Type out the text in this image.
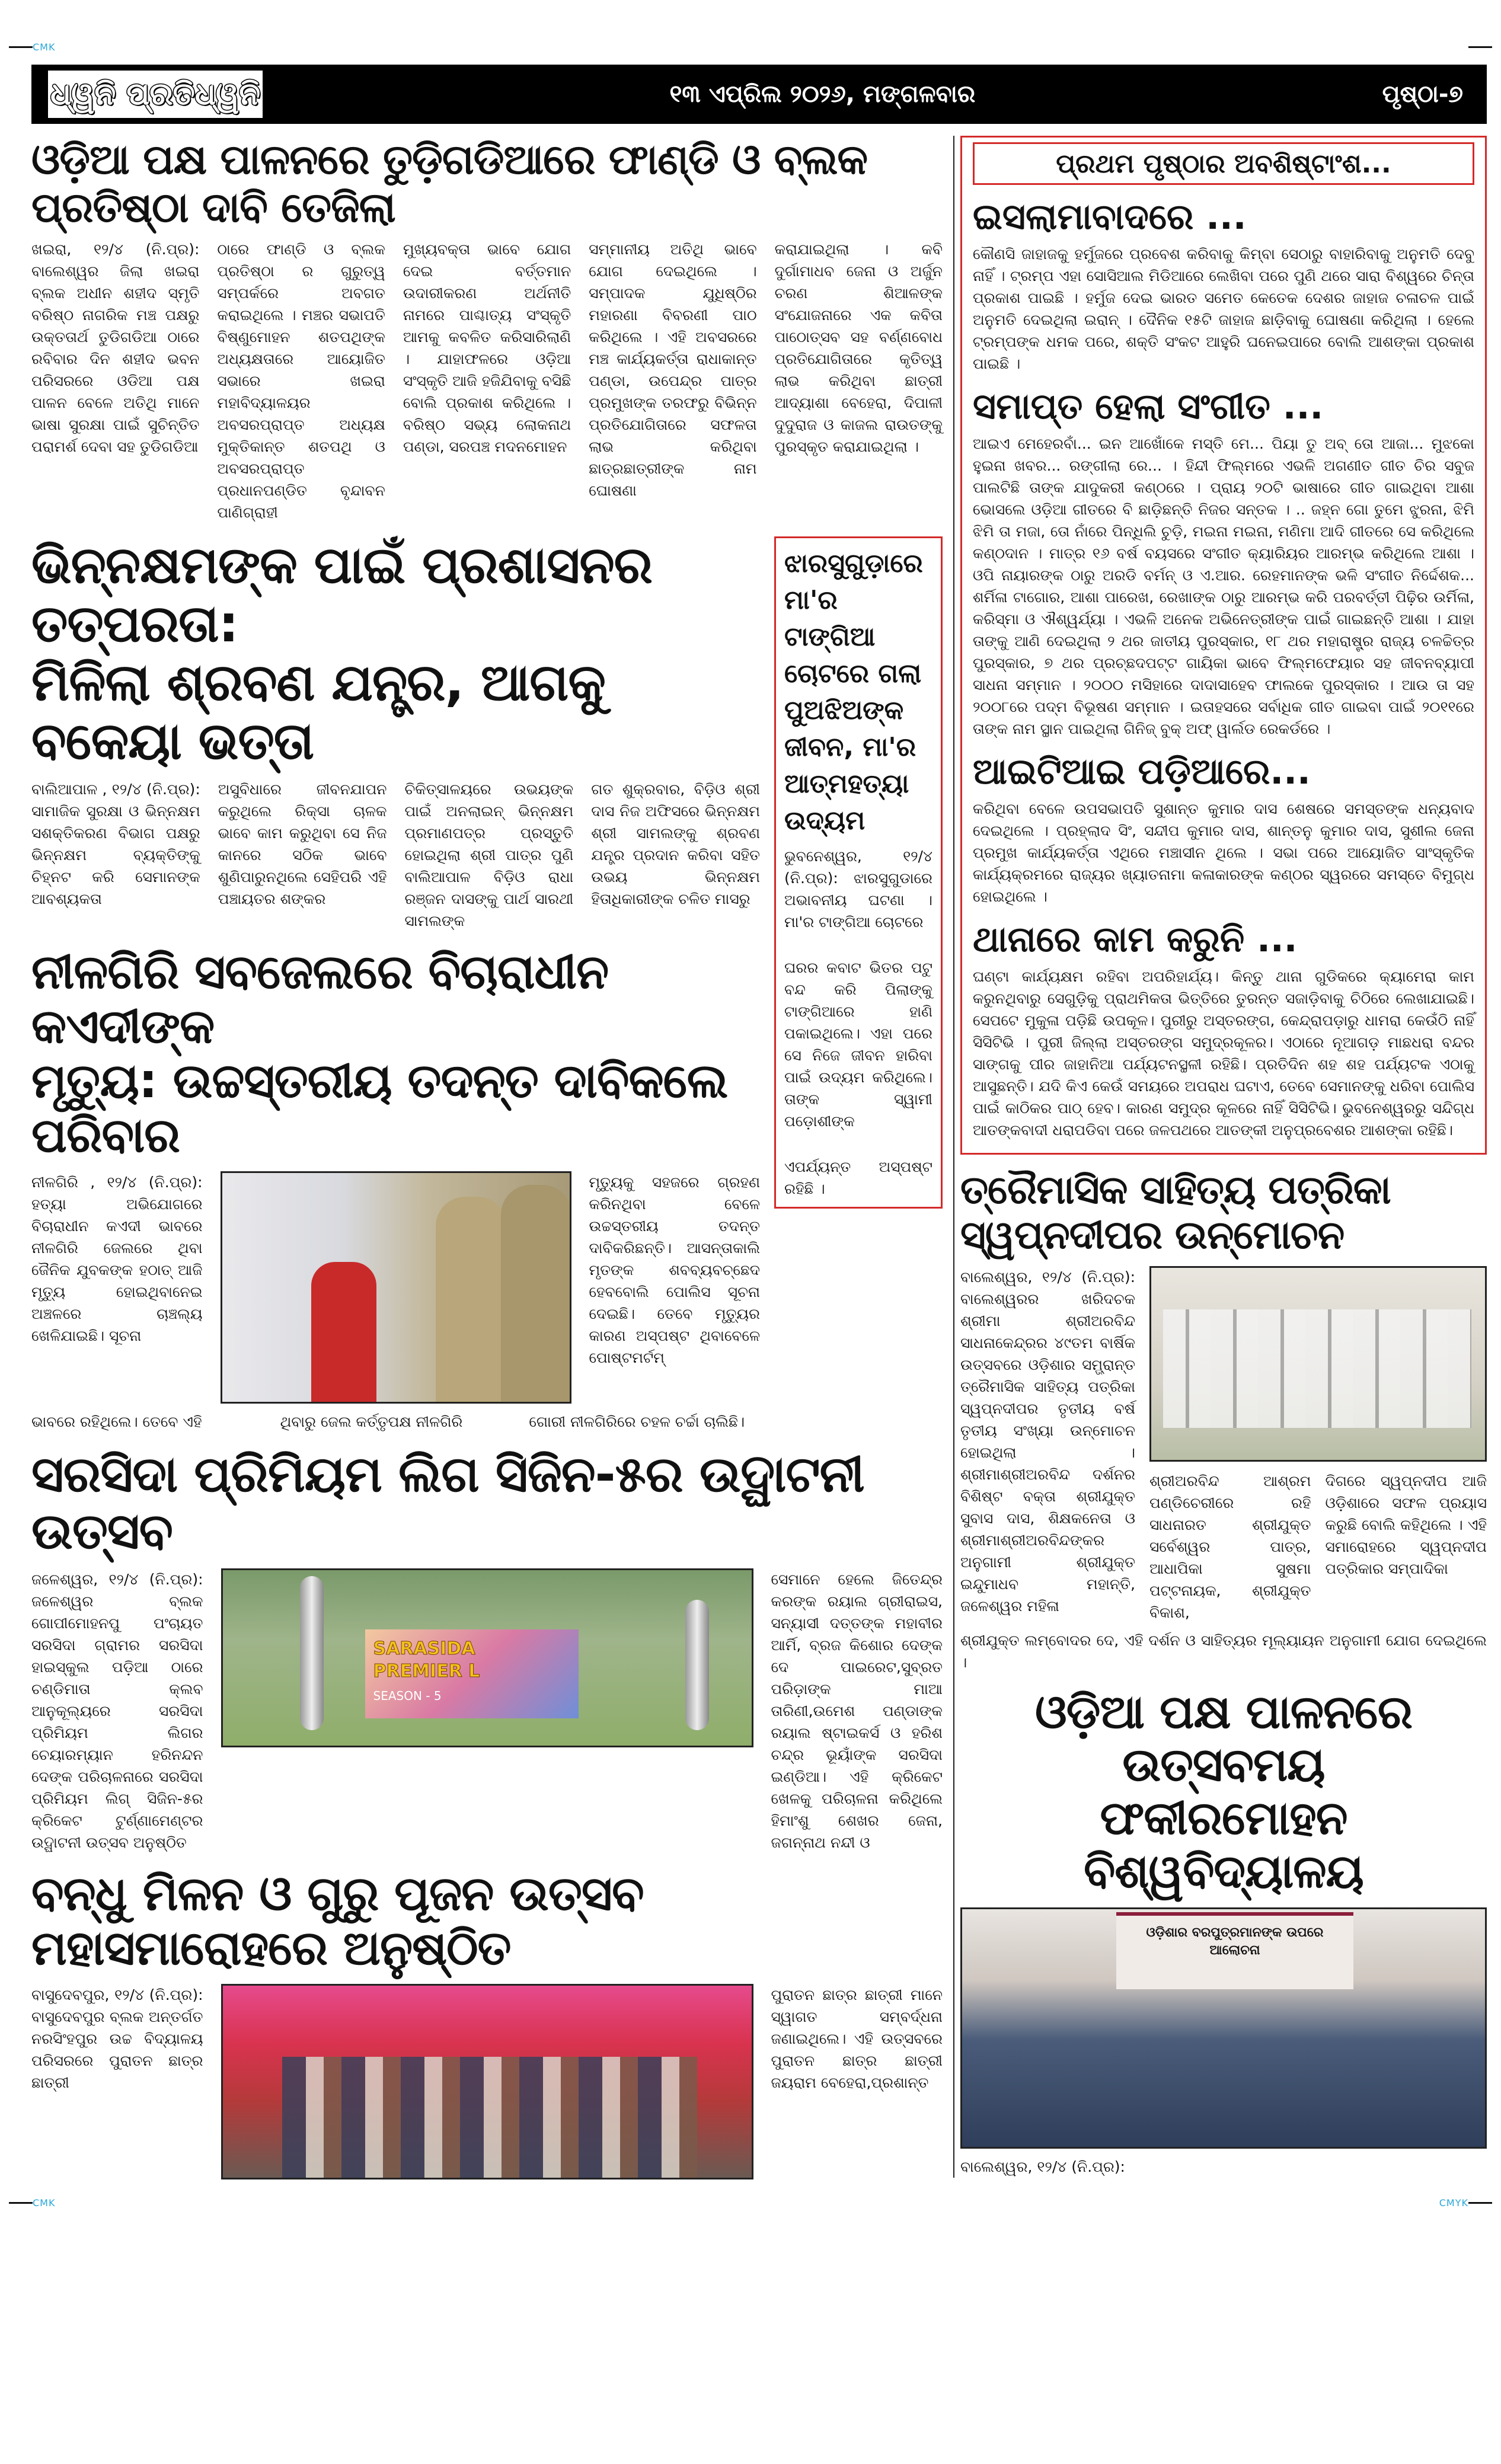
CMK
ଧ୍ୱନି ପ୍ରତିଧ୍ୱନି	୧୩ ଏପ୍ରିଲ ୨୦୨୬, ମଙ୍ଗଳବାର	ପୃଷ୍ଠା-୭
ଓଡ଼ିଆ ପକ୍ଷ ପାଳନରେ ତୁଡ଼ିଗଡିଆରେ ଫାଣ୍ଡି ଓ ବ୍ଲକ ପ୍ରତିଷ୍ଠା ଦାବି ତେଜିଲା
ଖଇରା, ୧୨/୪ (ନି.ପ୍ର): ବାଲେଶ୍ୱର ଜିଲା ଖଇରା ବ୍ଲକ ଅଧୀନ ଶହୀଦ ସ୍ମୃତି ବରିଷ୍ଠ ନାଗରିକ ମଞ୍ଚ ପକ୍ଷରୁ ଉକ୍ତତାର୍ଥ ତୁଡିଗଡିଆ ଠାରେ ରବିବାର ଦିନ ଶହୀଦ ଭବନ ପରିସରରେ ଓଡିଆ ପକ୍ଷ ପାଳନ ବେଳେ ଅତିଥି ମାନେ ଭାଷା ସୁରକ୍ଷା ପାଇଁ ସୁଚିନ୍ତିତ ପରାମର୍ଶ ଦେବା ସହ ତୁଡିଗଡିଆ
ଠାରେ ଫାଣ୍ଡି ଓ ବ୍ଲକ ପ୍ରତିଷ୍ଠା ର ଗୁରୁତ୍ୱ ସମ୍ପର୍କରେ ଅବଗତ କରାଇଥିଲେ । ମଞ୍ଚର ସଭାପତି ବିଷ୍ଣୁମୋହନ ଶତପଥିଙ୍କ ଅଧ୍ୟକ୍ଷତାରେ ଆୟୋଜିତ ସଭାରେ ଖଇରା ମହାବିଦ୍ୟାଳୟର ଅବସରପ୍ରାପ୍ତ ଅଧ୍ୟକ୍ଷ ମୁକ୍ତିକାନ୍ତ ଶତପଥି ଓ ଅବସରପ୍ରାପ୍ତ ପ୍ରଧାନପଣ୍ଡିତ ବୃନ୍ଦାବନ ପାଣିଗ୍ରାହୀ
ମୁଖ୍ୟବକ୍ତା ଭାବେ ଯୋଗ ଦେଇ ବର୍ତ୍ତମାନ ଉଦାରୀକରଣ ଅର୍ଥନୀତି ନାମରେ ପାଶ୍ଚାତ୍ୟ ସଂସ୍କୃତି ଆମକୁ କବଳିତ କରିସାରିଲାଣି । ଯାହାଫଳରେ ଓଡ଼ିଆ ସଂସ୍କୃତି ଆଜି ହଜିଯିବାକୁ ବସିଛି ବୋଲି ପ୍ରକାଶ କରିଥିଲେ । ବରିଷ୍ଠ ସଭ୍ୟ ଲୋକନାଥ ପଣ୍ଡା, ସରପଞ୍ଚ ମଦନମୋହନ
ସମ୍ମାନୀୟ ଅତିଥି ଭାବେ ଯୋଗ ଦେଇଥିଲେ । ସମ୍ପାଦକ ଯୁଧିଷ୍ଠିର ମହାରଣା ବିବରଣୀ ପାଠ କରିଥିଲେ । ଏହି ଅବସରରେ ମଞ୍ଚ କାର୍ଯ୍ୟକର୍ତ୍ତା ରାଧାକାନ୍ତ ପଣ୍ଡା, ଉପେନ୍ଦ୍ର ପାତ୍ର ପ୍ରମୁଖଙ୍କ ତରଫରୁ ବିଭିନ୍ନ ପ୍ରତିଯୋଗିତାରେ ସଫଳତା ଲାଭ କରିଥିବା ଛାତ୍ରଛାତ୍ରୀଙ୍କ ନାମ ଘୋଷଣା
କରାଯାଇଥିଲା । କବି ଦୁର୍ଗାମାଧବ ଜେନା ଓ ଅର୍ଜୁନ ଚରଣ ଶିଆଳଙ୍କ ସଂଯୋଜନାରେ ଏକ କବିତା ପାଠୋତ୍ସବ ସହ ବର୍ଣ୍ଣବୋଧ ପ୍ରତିଯୋଗିତାରେ କୃତିତ୍ୱ ଲାଭ କରିଥିବା ଛାତ୍ରୀ ଆଦ୍ୟାଶା ବେହେରା, ଦିପାଳୀ ଦୁଦୁରାଜ ଓ କାଜଲ ରାଉତଙ୍କୁ ପୁରସ୍କୃତ କରାଯାଇଥିଲା ।
ଭିନ୍ନକ୍ଷମଙ୍କ ପାଇଁ ପ୍ରଶାସନର ତତ୍ପରତା:
ମିଳିଲା ଶ୍ରବଣ ଯନ୍ତ୍ର, ଆଗକୁ ବକେୟା ଭତ୍ତା
ବାଲିଆପାଳ , ୧୨/୪ (ନି.ପ୍ର): ସାମାଜିକ ସୁରକ୍ଷା ଓ ଭିନ୍ନକ୍ଷମ ସଶକ୍ତିକରଣ ବିଭାଗ ପକ୍ଷରୁ ଭିନ୍ନକ୍ଷମ ବ୍ୟକ୍ତିଙ୍କୁ ଚିହ୍ନଟ କରି ସେମାନଙ୍କ ଆବଶ୍ୟକତା
ଅସୁବିଧାରେ ଜୀବନଯାପନ କରୁଥିଲେ ରିକ୍ସା ଚାଳକ ଭାବେ କାମ କରୁଥିବା ସେ ନିଜ କାନରେ ସଠିକ ଭାବେ ଶୁଣିପାରୁନଥିଲେ ସେହିପରି ଏହି ପଞ୍ଚାୟତର ଶଙ୍କର
ଚିକିତ୍ସାଳୟରେ ଉଭୟଙ୍କ ପାଇଁ ଅନଲାଇନ୍ ଭିନ୍ନକ୍ଷମ ପ୍ରମାଣପତ୍ର ପ୍ରସ୍ତୁତି ହୋଇଥିଲା ଶ୍ରୀ ପାତ୍ର ପୁଣି ବାଲିଆପାଳ ବିଡ଼ିଓ ରାଧା ରଞ୍ଜନ ଦାସଙ୍କୁ ପାର୍ଥ ସାରଥୀ ସାମଲଙ୍କ
ଗତ ଶୁକ୍ରବାର, ବିଡ଼ିଓ ଶ୍ରୀ ଦାସ ନିଜ ଅଫିସରେ ଭିନ୍ନକ୍ଷମ ଶ୍ରୀ ସାମଲଙ୍କୁ ଶ୍ରବଣ ଯନ୍ତ୍ର ପ୍ରଦାନ କରିବା ସହିତ ଉଭୟ ଭିନ୍ନକ୍ଷମ ହିତାଧିକାରୀଙ୍କ ଚଳିତ ମାସରୁ
ନୀଳଗିରି ସବଜେଲରେ ବିଚାରାଧୀନ କଏଦୀଙ୍କ
ମୃତ୍ୟୁ: ଉଚ୍ଚସ୍ତରୀୟ ତଦନ୍ତ ଦାବିକଲେ ପରିବାର
ନୀଳଗିରି , ୧୨/୪ (ନି.ପ୍ର): ହତ୍ୟା ଅଭିଯୋଗରେ ବିଚାରାଧୀନ କଏଦୀ ଭାବରେ ନୀଳଗିରି ଜେଲରେ ଥିବା ଜୈନିକ ଯୁବକଙ୍କ ହଠାତ୍ ଆଜି ମୃତ୍ୟୁ ହୋଇଥିବାନେଇ ଅଞ୍ଚଳରେ ଚାଞ୍ଚଲ୍ୟ ଖେଳିଯାଇଛି। ସୂଚନା
ମୃତ୍ୟୁକୁ ସହଜରେ ଗ୍ରହଣ କରିନଥିବା ବେଳେ ଉଚ୍ଚସ୍ତରୀୟ ତଦନ୍ତ ଦାବିକରିଛନ୍ତି। ଆସନ୍ତାକାଲି ମୃତଙ୍କ ଶବବ୍ୟବଚ୍ଛେଦ ହେବବୋଲି ପୋଲିସ ସୂଚନା ଦେଇଛି। ତେବେ ମୃତ୍ୟୁର କାରଣ ଅସ୍ପଷ୍ଟ ଥିବାବେଳେ ପୋଷ୍ଟମର୍ଟମ୍
ଭାବରେ ରହିଥିଲେ। ତେବେ ଏହି	ଥିବାରୁ ଜେଲ କର୍ତ୍ତୃପକ୍ଷ ନୀଳଗିରି	ଗୋରୀ ନୀଳଗିରିରେ ଚହଳ ଚର୍ଚ୍ଚା ଚାଲିଛି।
ଝାରସୁଗୁଡ଼ାରେ ମା'ର ଟାଙ୍ଗିଆ ଚୋଟରେ ଗଲା ପୁଅଝିଅଙ୍କ ଜୀବନ, ମା'ର ଆତ୍ମହତ୍ୟା ଉଦ୍ୟମ
ଭୁବନେଶ୍ୱର, ୧୨/୪ (ନି.ପ୍ର): ଝାରସୁଗୁଡାରେ ଅଭାବନୀୟ ଘଟଣା । ମା'ର ଟାଙ୍ଗିଆ ଚୋଟରେ
ଘରର କବାଟ ଭିତର ପଟୁ ବନ୍ଦ କରି ପିଲାଙ୍କୁ ଟାଙ୍ଗିଆରେ ହାଣି ପକାଇଥିଲେ। ଏହା ପରେ ସେ ନିଜେ ଜୀବନ ହାରିବା ପାଇଁ ଉଦ୍ୟମ କରିଥିଲେ। ତାଙ୍କ ସ୍ୱାମୀ ପଡ଼ୋଶୀଙ୍କ
ଏପର୍ଯ୍ୟନ୍ତ ଅସ୍ପଷ୍ଟ ରହିଛି ।
ସରସିଦା ପ୍ରିମିୟମ ଲିଗ ସିଜିନ-୫ର ଉଦ୍ଘାଟନୀ ଉତ୍ସବ
ଜଳେଶ୍ୱର, ୧୨/୪ (ନି.ପ୍ର): ଜଳେଶ୍ୱର ବ୍ଲକ ଗୋପୀମୋହନପୁ ପଂଚାୟତ ସରସିଦା ଗ୍ରାମର ସରସିଦା ହାଇସ୍କୁଲ ପଡ଼ିଆ ଠାରେ ଚଣ୍ଡିମାତା କ୍ଲବ ଆନୁକୂଲ୍ୟରେ ସରସିଦା ପ୍ରିମିୟମ ଲିଗର ଚେୟାରମ୍ୟାନ ହରିନନ୍ଦନ ଦେଙ୍କ ପରିଚାଳନାରେ ସରସିଦା ପ୍ରିମିୟମ ଲିଗ୍ ସିଜିନ-୫ର କ୍ରିକେଟ ଟୁର୍ଣ୍ଣାମେଣ୍ଟର ଉଦ୍ଘାଟନୀ ଉତ୍ସବ ଅନୁଷ୍ଠିତ
SARASIDA PREMIER L
SEASON - 5
ସେମାନେ ହେଲେ ଜିତେନ୍ଦ୍ର କରଙ୍କ ରୟାଲ ଗ୍ରୀରାଇସ, ସନ୍ୟାସୀ ଦତ୍ତଙ୍କ ମହାବୀର ଆର୍ମି, ବ୍ରଜ କିଶୋର ଦେଙ୍କ ଦେ ପାଇରେଟ,ସୁବ୍ରତ ପରିଡ଼ାଙ୍କ ମାଆ ତାରିଣୀ,ଉମେଶ ପଣ୍ଡାଙ୍କ ରୟାଲ ଷ୍ଟାଇକର୍ସ ଓ ହରିଶ ଚନ୍ଦ୍ର ଭୂୟାଁଙ୍କ ସରସିଦା ଇଣ୍ଡିଆ। ଏହି କ୍ରିକେଟ ଖେଳକୁ ପରିଚାଳନା କରିଥିଲେ ହିମାଂଶୁ ଶେଖର ଜେନା, ଜଗନ୍ନାଥ ନନ୍ଦୀ ଓ
ବନ୍ଧୁ ମିଳନ ଓ ଗୁରୁ ପୂଜନ ଉତ୍ସବ ମହାସମାରୋହରେ ଅନୁଷ୍ଠିତ
ବାସୁଦେବପୁର, ୧୨/୪ (ନି.ପ୍ର): ବାସୁଦେବପୁର ବ୍ଲକ ଅନ୍ତର୍ଗତ ନରସିଂହପୁର ଉଚ୍ଚ ବିଦ୍ୟାଳୟ ପରିସରରେ ପୁରାତନ ଛାତ୍ର ଛାତ୍ରୀ
ପୁରାତନ ଛାତ୍ର ଛାତ୍ରୀ ମାନେ ସ୍ୱାଗତ ସମ୍ବର୍ଦ୍ଧନା ଜଣାଇଥିଲେ। ଏହି ଉତ୍ସବରେ ପୁରାତନ ଛାତ୍ର ଛାତ୍ରୀ ଜୟରାମ ବେହେରା,ପ୍ରଶାନ୍ତ
ପ୍ରଥମ ପୃଷ୍ଠାର ଅବଶିଷ୍ଟାଂଶ...
ଇସଲାମାବାଦରେ ...
କୌଣସି ଜାହାଜକୁ ହର୍ମୁଜରେ ପ୍ରବେଶ କରିବାକୁ କିମ୍ବା ସେଠାରୁ ବାହାରିବାକୁ ଅନୁମତି ଦେବୁ ନାହିଁ । ଟ୍ରମ୍ପ ଏହା ସୋସିଆଲ ମିଡିଆରେ ଲେଖିବା ପରେ ପୁଣି ଥରେ ସାରା ବିଶ୍ୱରେ ଚିନ୍ତା ପ୍ରକାଶ ପାଇଛି । ହର୍ମୁଜ ଦେଇ ଭାରତ ସମେତ କେତେକ ଦେଶର ଜାହାଜ ଚଳାଚଳ ପାଇଁ ଅନୁମତି ଦେଇଥିଲା ଇରାନ୍ । ଦୈନିକ ୧୫ଟି ଜାହାଜ ଛାଡ଼ିବାକୁ ଘୋଷଣା କରିଥିଲା । ହେଲେ ଟ୍ରମ୍ପଙ୍କ ଧମକ ପରେ, ଶକ୍ତି ସଂକଟ ଆହୁରି ଘନେଇପାରେ ବୋଲି ଆଶଙ୍କା ପ୍ରକାଶ ପାଇଛି ।
ସମାପ୍ତ ହେଲା ସଂଗୀତ ...
ଆଇଏ ମେହେରବାଁ... ଇନ ଆଖୋଁକେ ମସ୍ତି ମେ... ପିୟା ତୁ ଅବ୍ ତୋ ଆଜା... ମୁଝକୋ ହୁଇନା ଖବର... ରଙ୍ଗୀଲା ରେ... । ହିନ୍ଦୀ ଫିଲ୍ମରେ ଏଭଳି ଅଗଣୀତ ଗୀତ ଚିର ସବୁଜ ପାଲଟିଛି ତାଙ୍କ ଯାଦୁକରୀ କଣ୍ଠରେ । ପ୍ରାୟ ୨୦ଟି ଭାଷାରେ ଗୀତ ଗାଇଥିବା ଆଶା ଭୋସଲେ ଓଡ଼ିଆ ଗୀତରେ ବି ଛାଡ଼ିଛନ୍ତି ନିଜର ସନ୍ତକ । .. ଜହ୍ନ ଗୋ ତୁମେ ଝୁରନା, ଝିମି ଝିମି ତା ମଜା, ତୋ ନାଁରେ ପିନ୍ଧିଲି ଚୁଡ଼ି, ମଇନା ମଇନା, ମଣିମା ଆଦି ଗୀତରେ ସେ କରିଥିଲେ କଣ୍ଠଦାନ । ମାତ୍ର ୧୬ ବର୍ଷ ବୟସରେ ସଂଗୀତ କ୍ୟାରିୟର ଆରମ୍ଭ କରିଥିଲେ ଆଶା । ଓପି ନାୟାରଙ୍କ ଠାରୁ ଅରଡି ବର୍ମନ୍ ଓ ଏ.ଆର. ରେହମାନଙ୍କ ଭଳି ସଂଗୀତ ନିର୍ଦ୍ଦେଶକ... ଶର୍ମିଳା ଟାଗୋର, ଆଶା ପାରେଖ, ରେଖାଙ୍କ ଠାରୁ ଆରମ୍ଭ କରି ପରବର୍ତ୍ତୀ ପିଢ଼ିର ଉର୍ମିଳା, କରିସ୍ମା ଓ ଐଶ୍ୱର୍ଯ୍ୟା । ଏଭଳି ଅନେକ ଅଭିନେତ୍ରୀଙ୍କ ପାଇଁ ଗାଇଛନ୍ତି ଆଶା । ଯାହା ତାଙ୍କୁ ଆଣି ଦେଇଥିଲା ୨ ଥର ଜାତୀୟ ପୁରସ୍କାର, ୧୮ ଥର ମହାରାଷ୍ଟ୍ର ରାଜ୍ୟ ଚଳଚ୍ଚିତ୍ର ପୁରସ୍କାର, ୭ ଥର ପ୍ରଚ୍ଛଦପଟ୍ଟ ଗାୟିକା ଭାବେ ଫିଲ୍ମଫେୟାର ସହ ଜୀବନବ୍ୟାପୀ ସାଧନା ସମ୍ମାନ । ୨୦୦୦ ମସିହାରେ ଦାଦାସାହେବ ଫାଲକେ ପୁରସ୍କାର । ଆଉ ତା ସହ ୨୦୦୮ରେ ପଦ୍ମ ବିଭୂଷଣ ସମ୍ମାନ । ଇତାହସରେ ସର୍ବାଧିକ ଗୀତ ଗାଇବା ପାଇଁ ୨୦୧୧ରେ ତାଙ୍କ ନାମ ସ୍ଥାନ ପାଇଥିଲା ଗିନିଜ୍ ବୁକ୍ ଅଫ୍ ୱାର୍ଲଡ ରେକର୍ଡରେ ।
ଆଇଟିଆଇ ପଡ଼ିଆରେ...
କରିଥିବା ବେଳେ ଉପସଭାପତି ସୁଶାନ୍ତ କୁମାର ଦାସ ଶେଷରେ ସମସ୍ତଙ୍କ ଧନ୍ୟବାଦ ଦେଇଥିଲେ । ପ୍ରହ୍ଲାଦ ସିଂ, ସନ୍ଦୀପ କୁମାର ଦାସ, ଶାନ୍ତନୁ କୁମାର ଦାସ, ସୁଶୀଲ ଜେନା ପ୍ରମୁଖ କାର୍ଯ୍ୟକର୍ତ୍ତା ଏଥିରେ ମଞ୍ଚାସୀନ ଥିଲେ । ସଭା ପରେ ଆୟୋଜିତ ସାଂସ୍କୃତିକ କାର୍ଯ୍ୟକ୍ରମରେ ରାଜ୍ୟର ଖ୍ୟାତନାମା କଳାକାରଙ୍କ କଣ୍ଠର ସ୍ୱରରେ ସମସ୍ତେ ବିମୁଗ୍ଧ ହୋଇଥିଲେ ।
ଥାନାରେ କାମ କରୁନି ...
ଘଣ୍ଟା କାର୍ଯ୍ୟକ୍ଷମ ରହିବା ଅପରିହାର୍ଯ୍ୟ। କିନ୍ତୁ ଥାନା ଗୁଡିକରେ କ୍ୟାମେରା କାମ କରୁନଥିବାରୁ ସେଗୁଡ଼ିକୁ ପ୍ରାଥମିକତା ଭିତ୍ତିରେ ତୁରନ୍ତ ସଜାଡ଼ିବାକୁ ଚିଠିରେ ଲେଖାଯାଇଛି। ସେପଟେ ମୁକୁଳା ପଡ଼ିଛି ଉପକୂଳ। ପୁରୀରୁ ଅସ୍ତରଙ୍ଗ, କେନ୍ଦ୍ରାପଡ଼ାରୁ ଧାମରା କେଉଁଠି ନାହିଁ ସିସିଟିଭି । ପୁରୀ ଜିଲ୍ଲା ଅସ୍ତରଙ୍ଗ ସମୁଦ୍ରକୂଳର। ଏଠାରେ ନୂଆଗଡ଼ ମାଛଧରା ବନ୍ଦର ସାଙ୍ଗକୁ ପୀର ଜାହାନିଆ ପର୍ଯ୍ୟଟନସ୍ଥଳୀ ରହିଛି। ପ୍ରତିଦିନ ଶହ ଶହ ପର୍ଯ୍ୟଟକ ଏଠାକୁ ଆସୁଛନ୍ତି। ଯଦି କିଏ କେଉଁ ସମୟରେ ଅପରାଧ ଘଟାଏ, ତେବେ ସେମାନଙ୍କୁ ଧରିବା ପୋଲିସ ପାଇଁ କାଠିକର ପାଠ୍ ହେବ। କାରଣ ସମୁଦ୍ର କୂଳରେ ନାହିଁ ସିସିଟିଭି। ଭୁବନେଶ୍ୱରରୁ ସନ୍ଦିଗ୍ଧ ଆତଙ୍କବାଦୀ ଧରାପଡିବା ପରେ ଜଳପଥରେ ଆତଙ୍କୀ ଅନୁପ୍ରବେଶର ଆଶଙ୍କା ରହିଛି।
ତ୍ରୈମାସିକ ସାହିତ୍ୟ ପତ୍ରିକା ସ୍ୱପ୍ନଦୀପର ଉନ୍ମୋଚନ
ବାଲେଶ୍ୱର, ୧୨/୪ (ନି.ପ୍ର): ବାଲେଶ୍ୱରର ଖରିଦଚକ ଶ୍ରୀମା ଶ୍ରୀଅରବିନ୍ଦ ସାଧନାକେନ୍ଦ୍ରର ୪୯ତମ ବାର୍ଷିକ ଉତ୍ସବରେ ଓଡ଼ିଶାର ସମ୍ଭ୍ରାନ୍ତ ତ୍ରୈମାସିକ ସାହିତ୍ୟ ପତ୍ରିକା ସ୍ୱପ୍ନଦୀପର ତୃତୀୟ ବର୍ଷ ତୃତୀୟ ସଂଖ୍ୟା ଉନ୍ମୋଚନ ହୋଇଥିଲା । ଶ୍ରୀମାଶ୍ରୀଅରବିନ୍ଦ ଦର୍ଶନର ବିଶିଷ୍ଟ ବକ୍ତା ଶ୍ରୀଯୁକ୍ତ ସୁବାସ ଦାସ, ଶିକ୍ଷକନେତା ଓ ଶ୍ରୀମାଶ୍ରୀଅରବିନ୍ଦଙ୍କର ଅନୁଗାମୀ ଶ୍ରୀଯୁକ୍ତ ଇନ୍ଦୁମାଧବ ମହାନ୍ତି, ଜଳେଶ୍ୱର ମହିଳା
ଶ୍ରୀଅରବିନ୍ଦ ଆଶ୍ରମ ପଣ୍ଡିଚେରୀରେ ରହି ସାଧନାରତ ଶ୍ରୀଯୁକ୍ତ ସର୍ବେଶ୍ୱର ପାତ୍ର, ଆଧାପିକା ସୁଷମା ପଟ୍ଟନାୟକ, ଶ୍ରୀଯୁକ୍ତ ବିକାଶ,
ଦିଗରେ ସ୍ୱପ୍ନଦୀପ ଆଜି ଓଡ଼ିଶାରେ ସଫଳ ପ୍ରୟାସ କରୁଛି ବୋଲି କହିଥିଲେ । ଏହି ସମାରୋହରେ ସ୍ୱପ୍ନଦୀପ ପତ୍ରିକାର ସମ୍ପାଦିକା
ଶ୍ରୀଯୁକ୍ତ ଲମ୍ବୋଦର ଦେ, ଏହି ଦର୍ଶନ ଓ ସାହିତ୍ୟର ମୂଲ୍ୟାୟନ ଅନୁଗାମୀ ଯୋଗ ଦେଇଥିଲେ ।
ଓଡ଼ିଆ ପକ୍ଷ ପାଳନରେ ଉତ୍ସବମୟ
ଫକୀରମୋହନ ବିଶ୍ୱବିଦ୍ୟାଳୟ
ଓଡ଼ିଶାର ବରପୁତ୍ରମାନଙ୍କ ଉପରେ
ଆଲୋଚନା
ବାଲେଶ୍ୱର, ୧୨/୪ (ନି.ପ୍ର):
CMK	CMYK
